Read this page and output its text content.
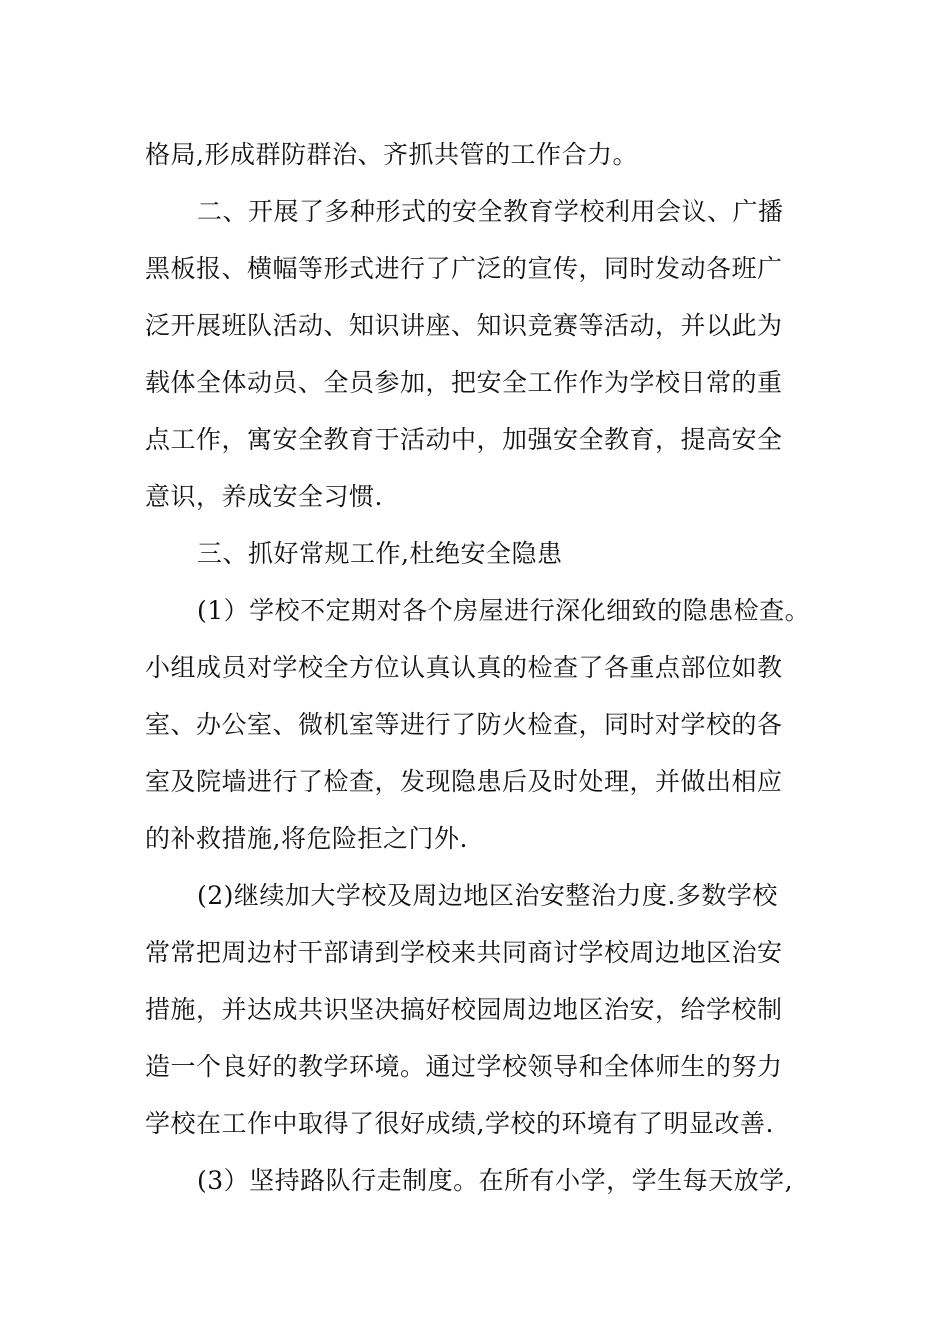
格局,形成群防群治、齐抓共管的工作合力。
二、开展了多种形式的安全教育学校利用会议、广播
黑板报、横幅等形式进行了广泛的宣传，同时发动各班广
泛开展班队活动、知识讲座、知识竞赛等活动，并以此为
载体全体动员、全员参加，把安全工作作为学校日常的重
点工作，寓安全教育于活动中，加强安全教育，提高安全
意识，养成安全习惯.
三、抓好常规工作,杜绝安全隐患
(1）学校不定期对各个房屋进行深化细致的隐患检查。
小组成员对学校全方位认真认真的检查了各重点部位如教
室、办公室、微机室等进行了防火检查，同时对学校的各
室及院墙进行了检查，发现隐患后及时处理，并做出相应
的补救措施,将危险拒之门外.
(2)继续加大学校及周边地区治安整治力度.多数学校
常常把周边村干部请到学校来共同商讨学校周边地区治安
措施，并达成共识坚决搞好校园周边地区治安，给学校制
造一个良好的教学环境。通过学校领导和全体师生的努力
学校在工作中取得了很好成绩,学校的环境有了明显改善.
(3）坚持路队行走制度。在所有小学，学生每天放学,
